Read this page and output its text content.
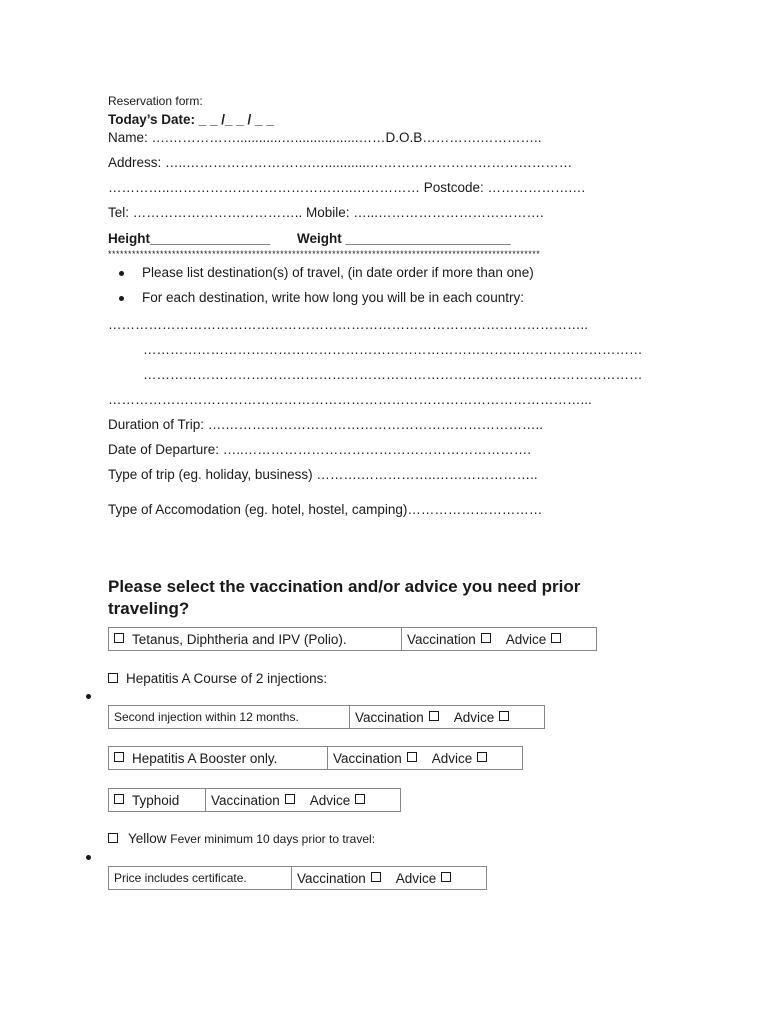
Reservation form:
Today’s Date: _ _ /_ _ / _ _
Name: ….……………............….................……D.O.B………….…………..
Address: …..……………………….…............………………………………………
…………..…………………………………..…………… Postcode: ……………….…
Tel: ……………………………….. Mobile: …...……………………………….
Height________________ Weight ______________________
************************************************************************************************************
Please list destination(s) of travel, (in date order if more than one)
For each destination, write how long you will be in each country:
……………………………………………………………………………………………..
…………………………………………………………………………………………………
…………………………………………………………………………………………………
……………………………………………………………………………………………...
Duration of Trip: ….……………………………………………………………..
Date of Departure: …..……………………………………………………….
Type of trip (eg. holiday, business) ……….……………..…………………..
Type of Accomodation (eg. hotel, hostel, camping)…………………………
Please select the vaccination and/or advice you need prior traveling?
Tetanus, Diphtheria and IPV (Polio).	Vaccination Advice
Hepatitis A Course of 2 injections:
Second injection within 12 months.	Vaccination Advice
Hepatitis A Booster only.	Vaccination Advice
Typhoid Vaccination Advice
Yellow Fever minimum 10 days prior to travel:
Price includes certificate.	Vaccination Advice
